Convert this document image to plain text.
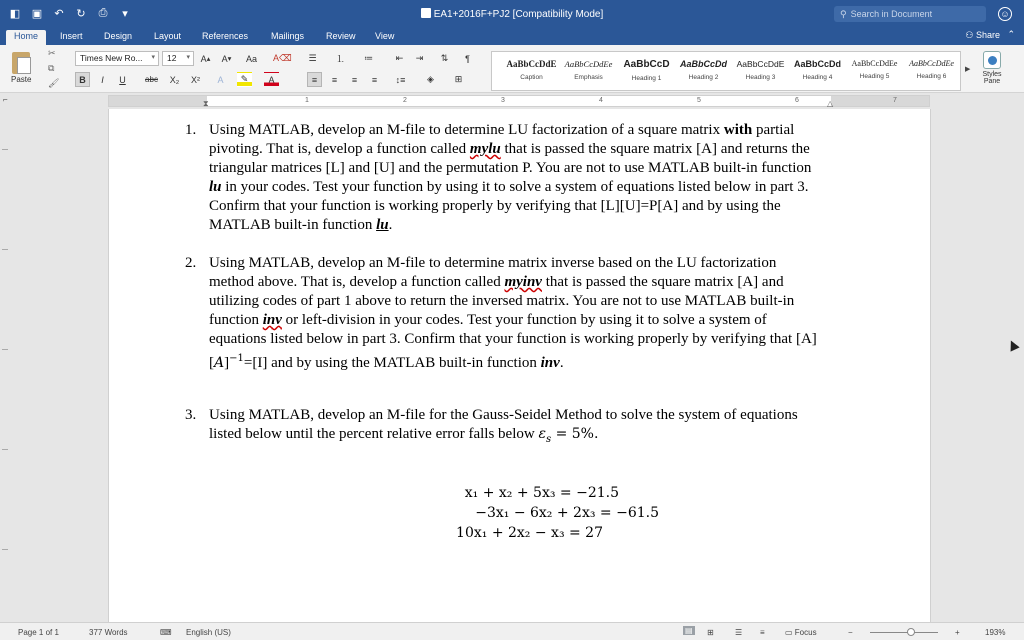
◧ ▣ ↶ ↻ ⎙	▾	EA1+2016F+PJ2 [Compatibility Mode]	⚲ Search in Document	☺
Home	Insert	Design	Layout	References	Mailings	Review	View	⚇ Share ⌃
Paste
✂
⧉
🖌
Times New Ro... ▾	12 ▾ A ▴ A ▾ Aa A⌫
B	I	U	abc	X₂	X²	A	✎	A
☰	⒈	≔	⇤	⇥	⇅	¶
≡	≡	≡	≡	↕≡	◈	⊞
AaBbCcDdE
Caption
AaBbCcDdEe
Emphasis
AaBbCcD
Heading 1
AaBbCcDd
Heading 2
AaBbCcDdE
Heading 3
AaBbCcDd
Heading 4
AaBbCcDdEe
Heading 5
AaBbCcDdEe
Heading 6
▶
Styles Pane
⌐	1	2	3	4	5	6	7
⧗	△
1. Using MATLAB, develop an M-file to determine LU factorization of a square matrix with partial pivoting. That is, develop a function called mylu that is passed the square matrix [A] and returns the triangular matrices [L] and [U] and the permutation P. You are not to use MATLAB built-in function lu in your codes. Test your function by using it to solve a system of equations listed below in part 3. Confirm that your function is working properly by verifying that [L][U]=P[A] and by using the MATLAB built-in function lu.
2. Using MATLAB, develop an M-file to determine matrix inverse based on the LU factorization method above. That is, develop a function called myinv that is passed the square matrix [A] and utilizing codes of part 1 above to return the inversed matrix. You are not to use MATLAB built-in function inv or left-division in your codes. Test your function by using it to solve a system of equations listed below in part 3. Confirm that your function is working properly by verifying that $[A][A]^{-1}=[I]$ and by using the MATLAB built-in function inv.
3. Using MATLAB, develop an M-file for the Gauss-Seidel Method to solve the system of equations listed below until the percent relative error falls below $\varepsilon_s = 5\%$.
x₁ + x₂ + 5x₃ = −21.5
−3x₁ − 6x₂ + 2x₃ = −61.5
10x₁ + 2x₂ − x₃ = 27
Page 1 of 1	377 Words	⌨ English (US)	▤ ⊞	☰ ≡	▭ Focus	−	+	193%
